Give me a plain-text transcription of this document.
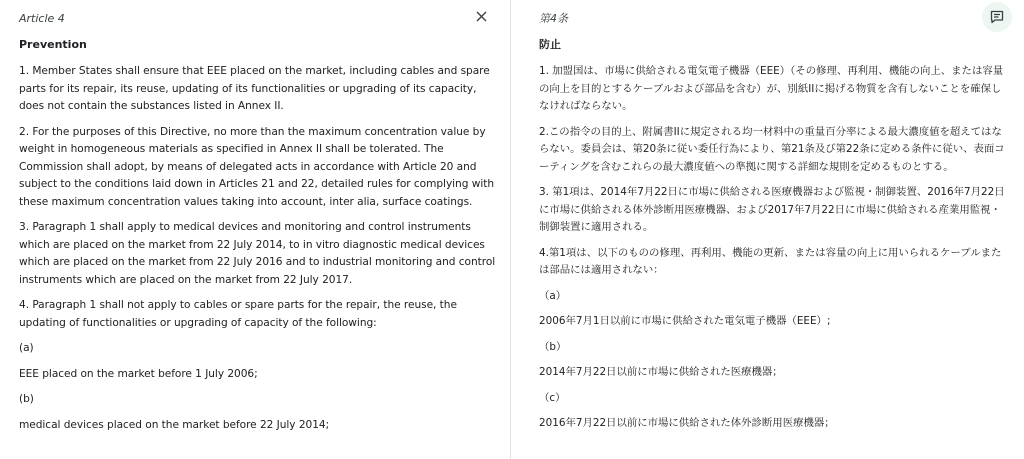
Article 4
Prevention
1. Member States shall ensure that EEE placed on the market, including cables and spare parts for its repair, its reuse, updating of its functionalities or upgrading of its capacity, does not contain the substances listed in Annex II.
2. For the purposes of this Directive, no more than the maximum concentration value by weight in homogeneous materials as specified in Annex II shall be tolerated. The Commission shall adopt, by means of delegated acts in accordance with Article 20 and subject to the conditions laid down in Articles 21 and 22, detailed rules for complying with these maximum concentration values taking into account, inter alia, surface coatings.
3. Paragraph 1 shall apply to medical devices and monitoring and control instruments which are placed on the market from 22 July 2014, to in vitro diagnostic medical devices which are placed on the market from 22 July 2016 and to industrial monitoring and control instruments which are placed on the market from 22 July 2017.
4. Paragraph 1 shall not apply to cables or spare parts for the repair, the reuse, the updating of functionalities or upgrading of capacity of the following:
(a)
EEE placed on the market before 1 July 2006;
(b)
medical devices placed on the market before 22 July 2014;
第4条
防止
1. 加盟国は、市場に供給される電気電子機器（EEE）（その修理、再利用、機能の向上、または容量の向上を目的とするケーブルおよび部品を含む）が、別紙IIに掲げる物質を含有しないことを確保しなければならない。
2.この指令の目的上、附属書IIに規定される均一材料中の重量百分率による最大濃度値を超えてはならない。委員会は、第20条に従い委任行為により、第21条及び第22条に定める条件に従い、表面コーティングを含むこれらの最大濃度値への準拠に関する詳細な規則を定めるものとする。
3. 第1項は、2014年7月22日に市場に供給される医療機器および監視・制御装置、2016年7月22日に市場に供給される体外診断用医療機器、および2017年7月22日に市場に供給される産業用監視・制御装置に適用される。
4.第1項は、以下のものの修理、再利用、機能の更新、または容量の向上に用いられるケーブルまたは部品には適用されない：
（a）
2006年7月1日以前に市場に供給された電気電子機器（EEE）;
（b）
2014年7月22日以前に市場に供給された医療機器；
（c）
2016年7月22日以前に市場に供給された体外診断用医療機器；
